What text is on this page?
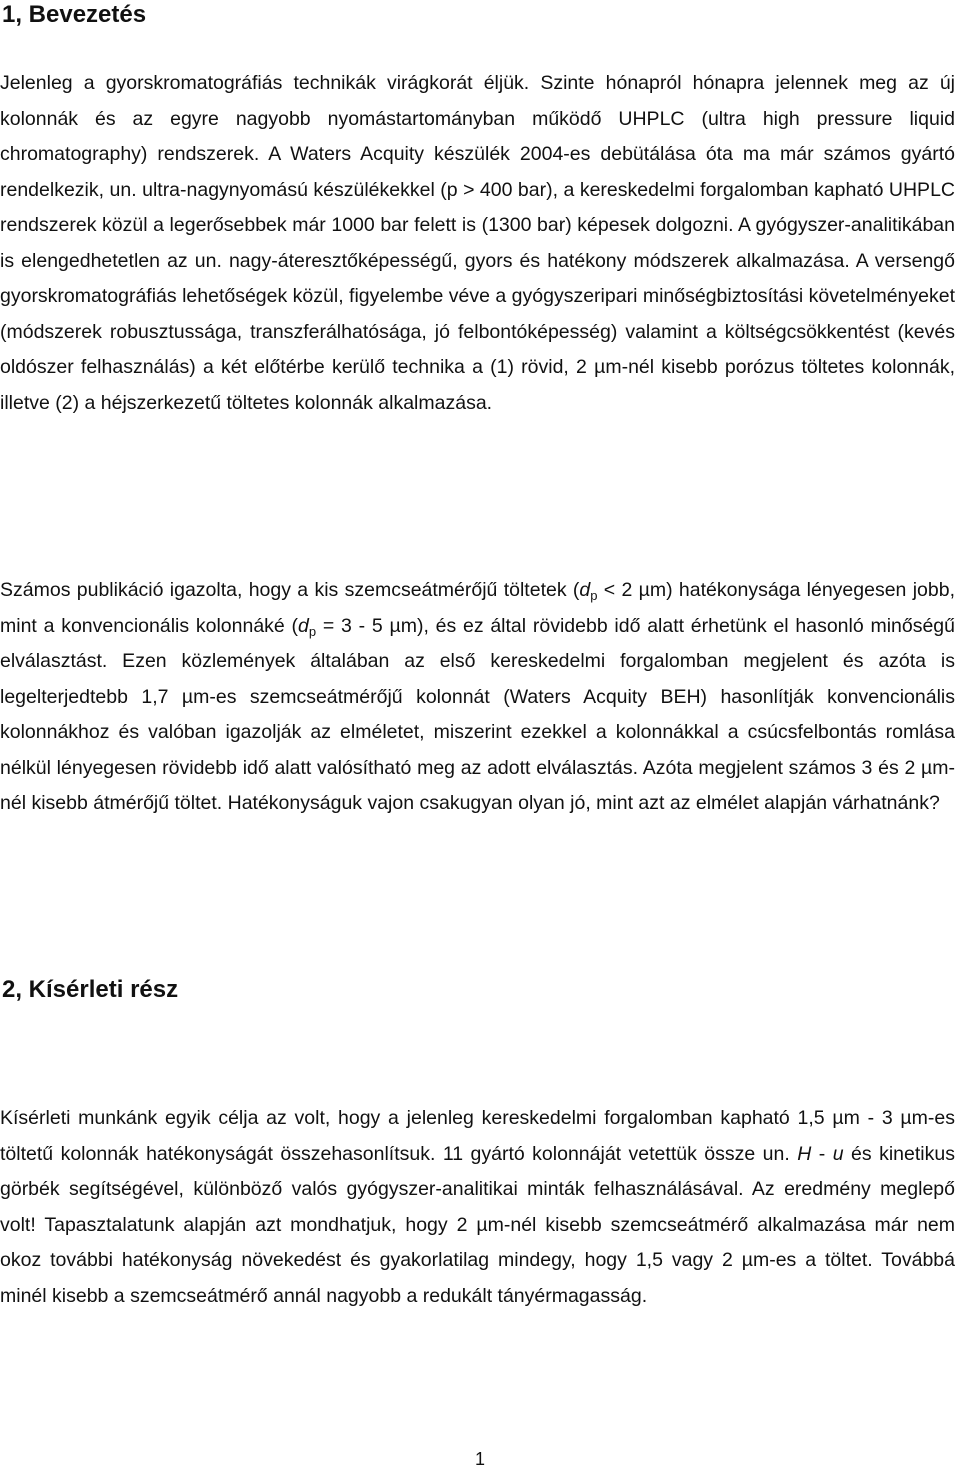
1, Bevezetés

Jelenleg a gyorskromatográfiás technikák virágkorát éljük. Szinte hónapról hónapra jelennek meg az új kolonnák és az egyre nagyobb nyomástartományban működő UHPLC (ultra high pressure liquid chromatography) rendszerek. A Waters Acquity készülék 2004-es debütálása óta ma már számos gyártó rendelkezik, un. ultra-nagynyomású készülékekkel (p > 400 bar), a kereskedelmi forgalomban kapható UHPLC rendszerek közül a legerősebbek már 1000 bar felett is (1300 bar) képesek dolgozni. A gyógyszer-analitikában is elengedhetetlen az un. nagy-áteresztőképességű, gyors és hatékony módszerek alkalmazása. A versengő gyorskromatográfiás lehetőségek közül, figyelembe véve a gyógyszeripari minőségbiztosítási követelményeket (módszerek robusztussága, transzferálhatósága, jó felbontóképesség) valamint a költségcsökkentést (kevés oldószer felhasználás) a két előtérbe kerülő technika a (1) rövid, 2 µm-nél kisebb porózus töltetes kolonnák, illetve (2) a héjszerkezetű töltetes kolonnák alkalmazása.

Számos publikáció igazolta, hogy a kis szemcseátmérőjű töltetek ($d_p < 2$ µm) hatékonysága lényegesen jobb, mint a konvencionális kolonnáké ($d_p = 3 - 5$ µm), és ez által rövidebb idő alatt érhetünk el hasonló minőségű elválasztást. Ezen közlemények általában az első kereskedelmi forgalomban megjelent és azóta is legelterjedtebb 1,7 µm-es szemcseátmérőjű kolonnát (Waters Acquity BEH) hasonlítják konvencionális kolonnákhoz és valóban igazolják az elméletet, miszerint ezekkel a kolonnákkal a csúcsfelbontás romlása nélkül lényegesen rövidebb idő alatt valósítható meg az adott elválasztás. Azóta megjelent számos 3 és 2 µm-nél kisebb átmérőjű töltet. Hatékonyságuk vajon csakugyan olyan jó, mint azt az elmélet alapján várhatnánk?

2, Kísérleti rész

Kísérleti munkánk egyik célja az volt, hogy a jelenleg kereskedelmi forgalomban kapható 1,5 µm - 3 µm-es töltetű kolonnák hatékonyságát összehasonlítsuk. 11 gyártó kolonnáját vetettük össze un. H - u és kinetikus görbék segítségével, különböző valós gyógyszer-analitikai minták felhasználásával. Az eredmény meglepő volt! Tapasztalatunk alapján azt mondhatjuk, hogy 2 µm-nél kisebb szemcseátmérő alkalmazása már nem okoz további hatékonyság növekedést és gyakorlatilag mindegy, hogy 1,5 vagy 2 µm-es a töltet. Továbbá minél kisebb a szemcseátmérő annál nagyobb a redukált tányérmagasság.

1
